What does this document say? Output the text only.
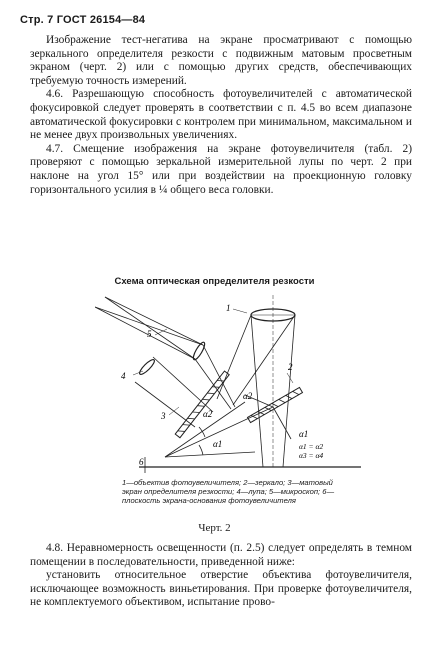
Стр. 7 ГОСТ 26154—84

Изображение тест-негатива на экране просматривают с помощью зеркального определителя резкости с подвижным матовым просветным экраном (черт. 2) или с помощью других средств, обеспечивающих требуемую точность измерений.

4.6. Разрешающую способность фотоувеличителей с автоматической фокусировкой следует проверять в соответствии с п. 4.5 во всем диапазоне автоматической фокусировки с контролем при минимальном, максимальном и не менее двух произвольных увеличениях.

4.7. Смещение изображения на экране фотоувеличителя (табл. 2) проверяют с помощью зеркальной измерительной лупы по черт. 2 при наклоне на угол 15° или при воздействии на проекционную головку горизонтального усилия в ¼ общего веса головки.

Схема оптическая определителя резкости
1
2
3
4
5
6
α1
α2
α2
α1
α1 = α2
α3 = α4
1—объектив фотоувеличителя; 2—зеркало; 3—матовый экран определителя резкости; 4—лупа; 5—микроскоп; 6—плоскость экрана-основания фотоувеличителя
Черт. 2

4.8. Неравномерность освещенности (п. 2.5) следует определять в темном помещении в последовательности, приведенной ниже:

установить относительное отверстие объектива фотоувеличителя, исключающее возможность виньетирования. При проверке фотоувеличителя, не комплектуемого объективом, испытание прово-
